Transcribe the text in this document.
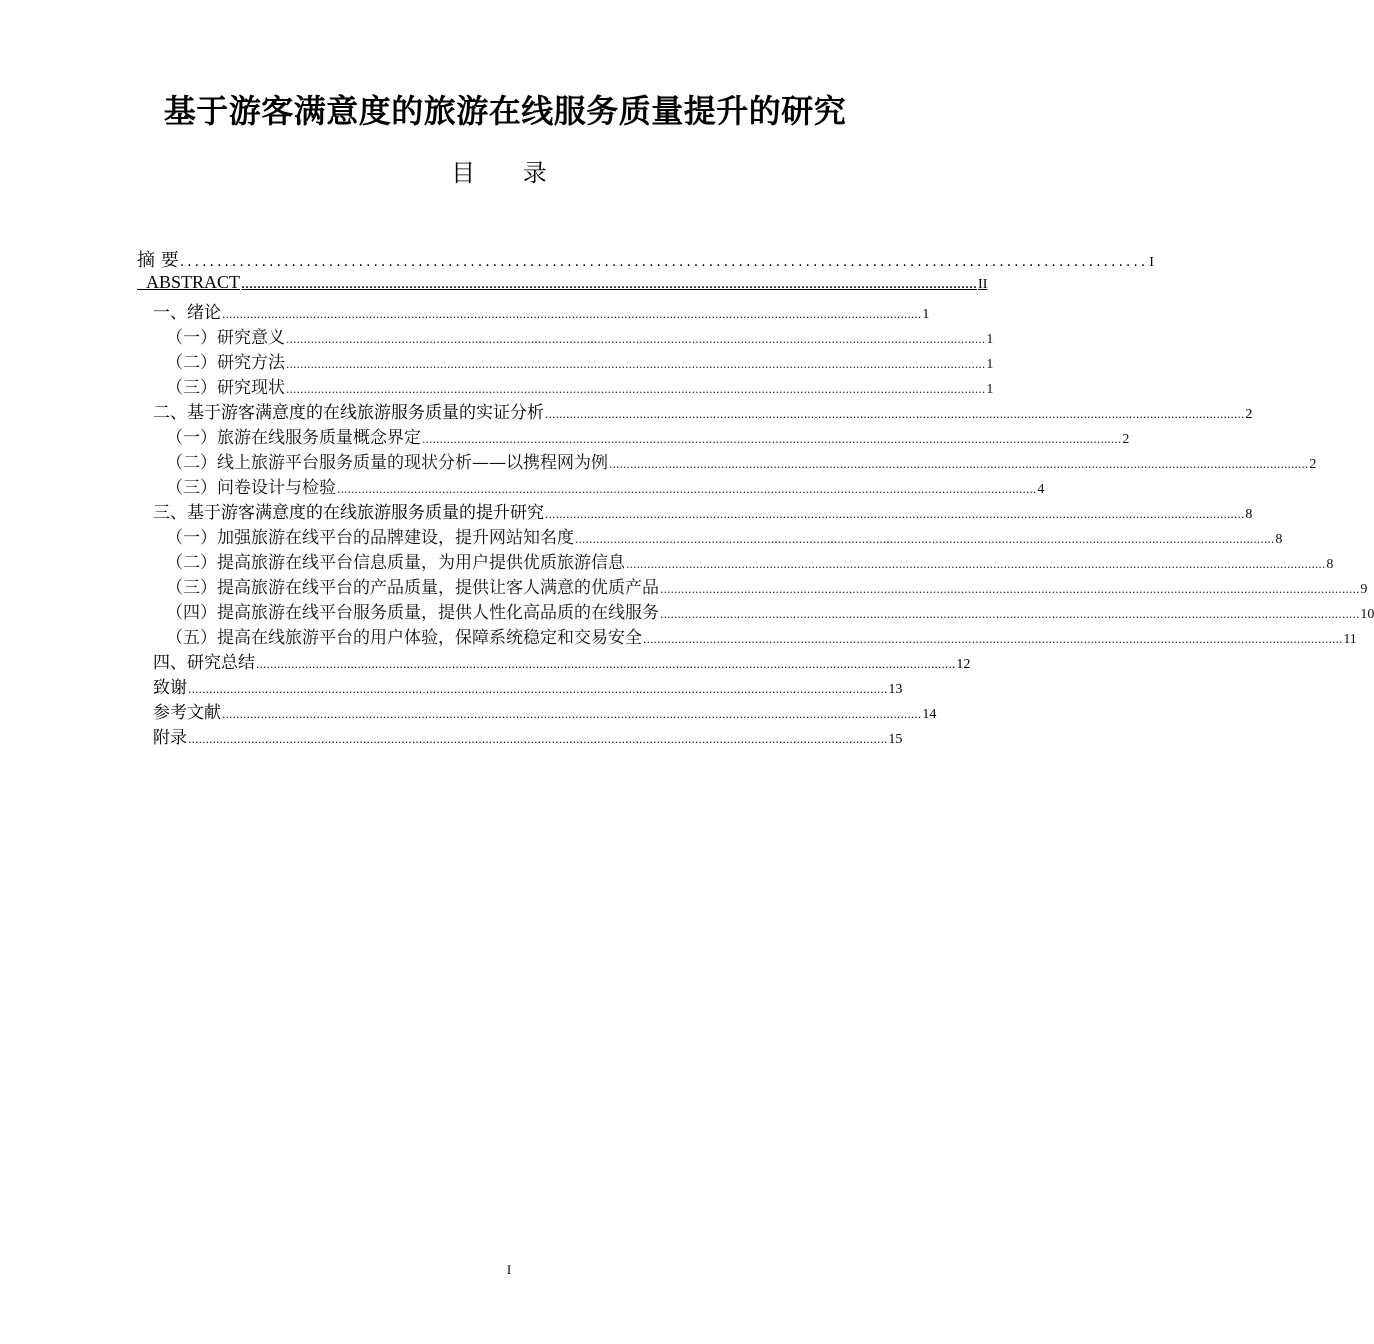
基于游客满意度的旅游在线服务质量提升的研究
目 录
摘 要 .................................................................................................................................. I
ABSTRACT ........................................................................................................................................................................................ II
一、绪论 ........................................................................................................................................................................................................ 1
（一）研究意义 ........................................................................................................................................................................................................ 1
（二）研究方法 ........................................................................................................................................................................................................ 1
（三）研究现状 ........................................................................................................................................................................................................ 1
二、基于游客满意度的在线旅游服务质量的实证分析 ........................................................................................................................................................................................................ 2
（一）旅游在线服务质量概念界定 ........................................................................................................................................................................................................ 2
（二）线上旅游平台服务质量的现状分析——以携程网为例 ........................................................................................................................................................................................................ 2
（三）问卷设计与检验 ........................................................................................................................................................................................................ 4
三、基于游客满意度的在线旅游服务质量的提升研究 ........................................................................................................................................................................................................ 8
（一）加强旅游在线平台的品牌建设，提升网站知名度 ........................................................................................................................................................................................................ 8
（二）提高旅游在线平台信息质量，为用户提供优质旅游信息 ........................................................................................................................................................................................................ 8
（三）提高旅游在线平台的产品质量，提供让客人满意的优质产品 ........................................................................................................................................................................................................ 9
（四）提高旅游在线平台服务质量，提供人性化高品质的在线服务 ........................................................................................................................................................................................................ 10
（五）提高在线旅游平台的用户体验，保障系统稳定和交易安全 ........................................................................................................................................................................................................ 11
四、研究总结 ........................................................................................................................................................................................................ 12
致谢 ........................................................................................................................................................................................................ 13
参考文献 ........................................................................................................................................................................................................ 14
附录 ........................................................................................................................................................................................................ 15
I
